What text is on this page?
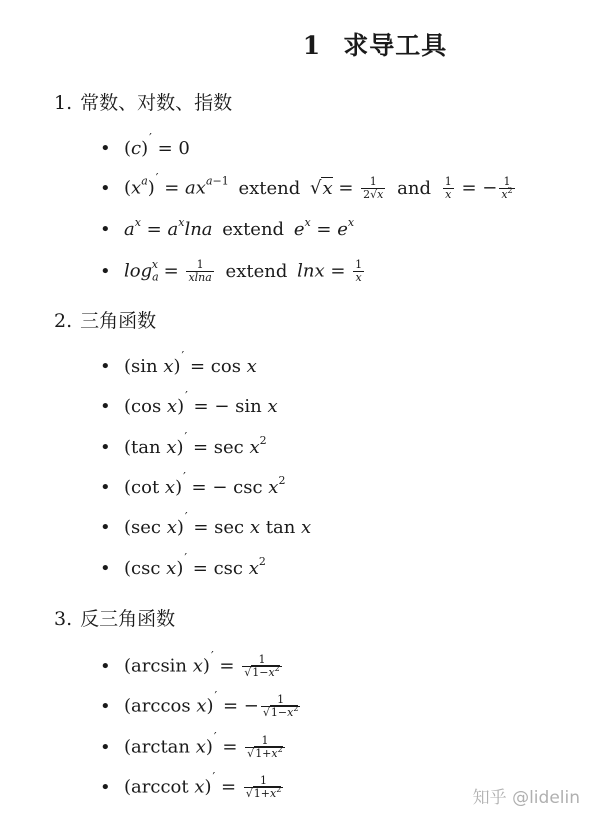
1 求导工具
1. 常数、对数、指数
• (c)′ = 0
• $(x^a)' = ax^{a-1}$ extend $√x = \frac{1}{2√x}$ and $\frac{1}{x}$ = − $\frac{1}{x^2}$
• $a^x = a^x\ln a$ extend $e^x = e^x$
• $\log_a^x = \frac{1}{xlna}$ extend $\ln x = \frac{1}{x}$
2. 三角函数
• (sin x)′ = cos x
• (cos x)′ = − sin x
• (tan $x)' = \sec x^2$
• (cot x)′ = − $\csc x^2$
• (sec x)′ = sec x tan x
• (csc $x)' = \csc x^2$
3. 反三角函数
• (arcsin $x)' = \frac{1}{√1-x^2}$
• (arccos x)′ = − $\frac{1}{√1-x^2}$
• (arctan $x)' = \frac{1}{√1+x^2}$
• (arccot $x)' = \frac{1}{√1+x^2}$	知乎 @lidelin
